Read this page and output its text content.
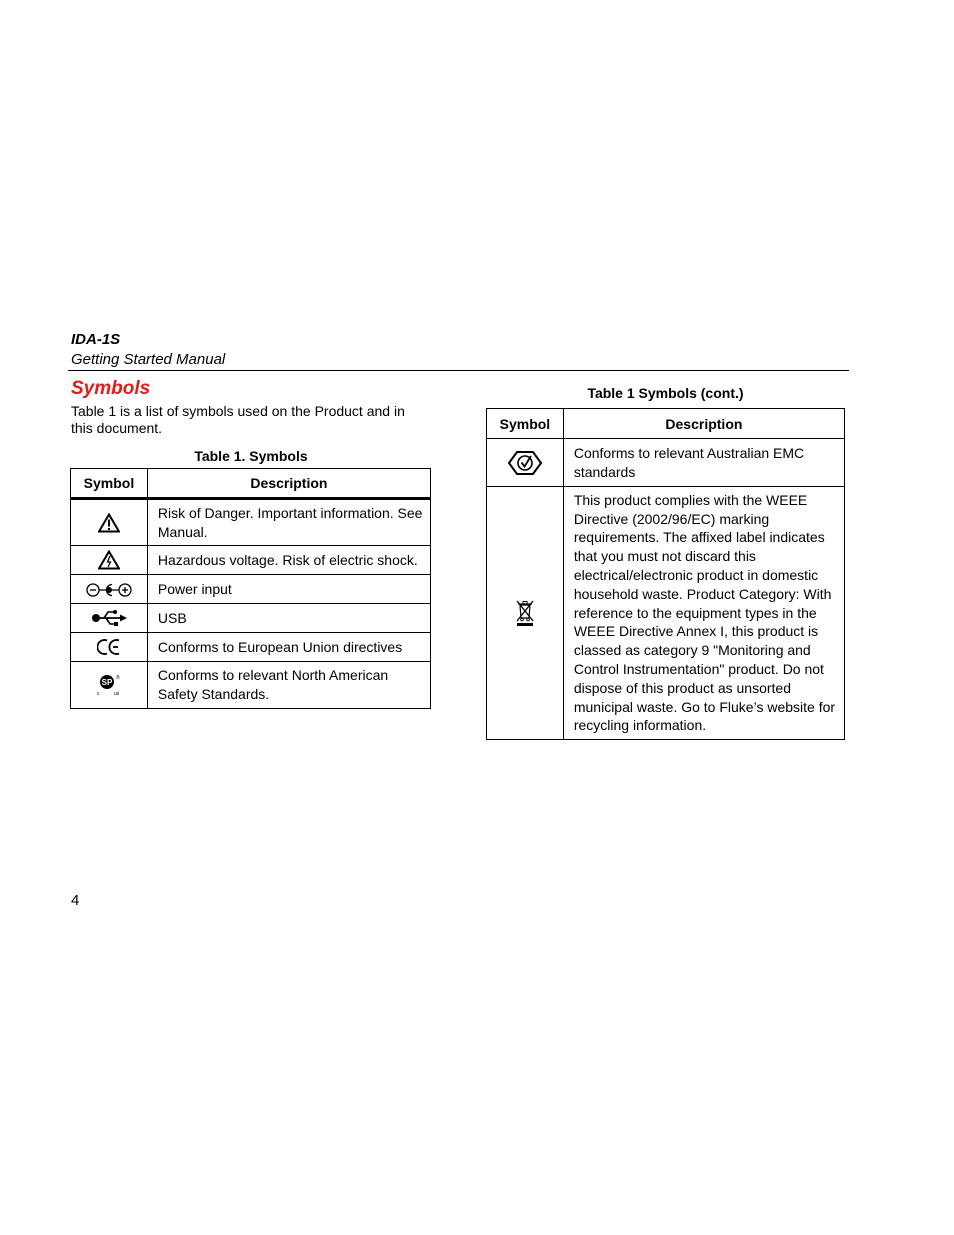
IDA-1S
Getting Started Manual
Symbols
Table 1 is a list of symbols used on the Product and in this document.
Table 1. Symbols
Symbol	Description
	Risk of Danger. Important information. See Manual.
	Hazardous voltage. Risk of electric shock.
	Power input
	USB
	Conforms to European Union directives

SP
c us
®	Conforms to relevant North American Safety Standards.
Table 1 Symbols (cont.)
Symbol	Description
	Conforms to relevant Australian EMC standards
	This product complies with the WEEE Directive (2002/96/EC) marking requirements. The affixed label indicates that you must not discard this electrical/electronic product in domestic household waste. Product Category: With reference to the equipment types in the WEEE Directive Annex I, this product is classed as category 9 "Monitoring and Control Instrumentation" product. Do not dispose of this product as unsorted municipal waste. Go to Fluke’s website for recycling information.
4
